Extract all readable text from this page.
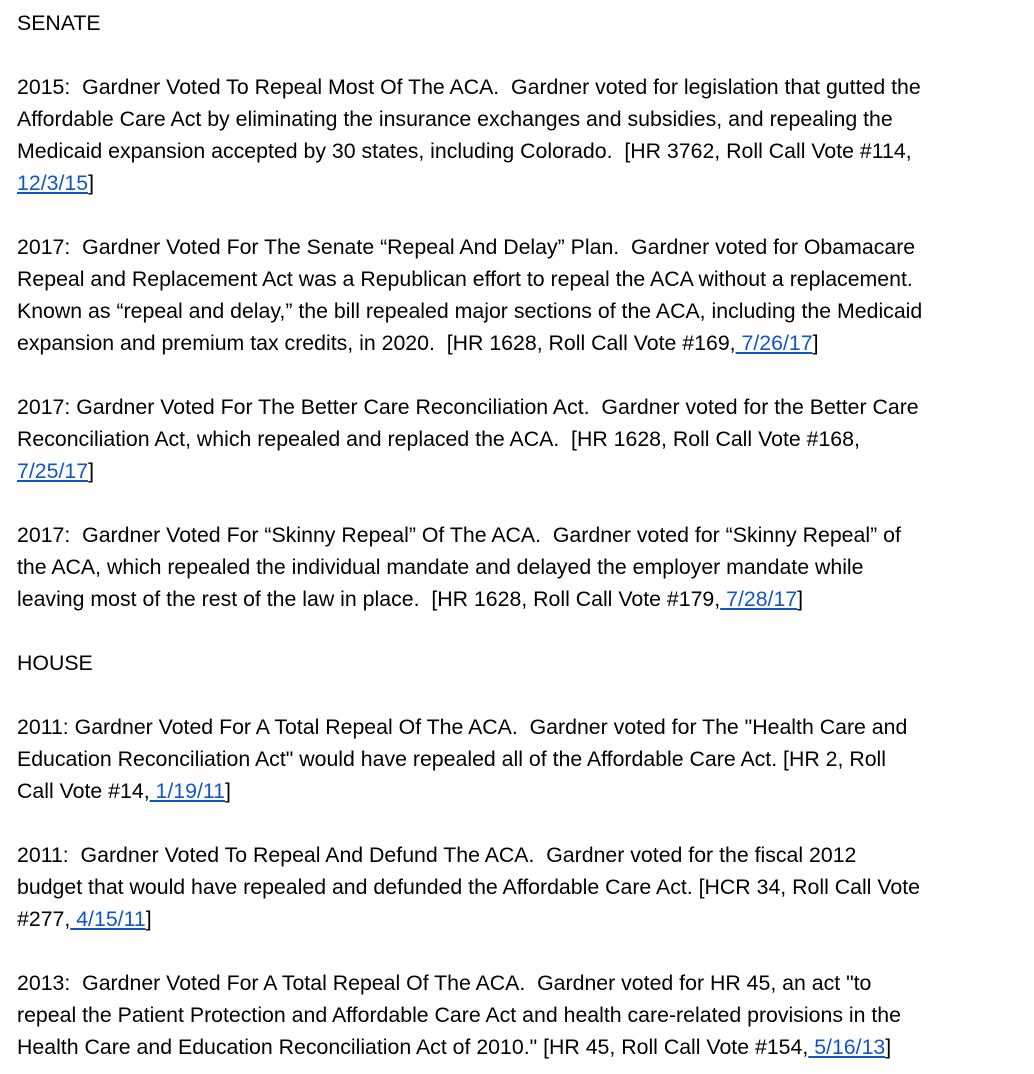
SENATE
2015:  Gardner Voted To Repeal Most Of The ACA.  Gardner voted for legislation that gutted the
Affordable Care Act by eliminating the insurance exchanges and subsidies, and repealing the
Medicaid expansion accepted by 30 states, including Colorado.  [HR 3762, Roll Call Vote #114,
12/3/15]
2017:  Gardner Voted For The Senate “Repeal And Delay” Plan.  Gardner voted for Obamacare
Repeal and Replacement Act was a Republican effort to repeal the ACA without a replacement.
Known as “repeal and delay,” the bill repealed major sections of the ACA, including the Medicaid
expansion and premium tax credits, in 2020.  [HR 1628, Roll Call Vote #169, 7/26/17]
2017: Gardner Voted For The Better Care Reconciliation Act.  Gardner voted for the Better Care
Reconciliation Act, which repealed and replaced the ACA.  [HR 1628, Roll Call Vote #168,
7/25/17]
2017:  Gardner Voted For “Skinny Repeal” Of The ACA.  Gardner voted for “Skinny Repeal” of
the ACA, which repealed the individual mandate and delayed the employer mandate while
leaving most of the rest of the law in place.  [HR 1628, Roll Call Vote #179, 7/28/17]
HOUSE
2011: Gardner Voted For A Total Repeal Of The ACA.  Gardner voted for The "Health Care and
Education Reconciliation Act" would have repealed all of the Affordable Care Act. [HR 2, Roll
Call Vote #14, 1/19/11]
2011:  Gardner Voted To Repeal And Defund The ACA.  Gardner voted for the fiscal 2012
budget that would have repealed and defunded the Affordable Care Act. [HCR 34, Roll Call Vote
#277, 4/15/11]
2013:  Gardner Voted For A Total Repeal Of The ACA.  Gardner voted for HR 45, an act "to
repeal the Patient Protection and Affordable Care Act and health care-related provisions in the
Health Care and Education Reconciliation Act of 2010." [HR 45, Roll Call Vote #154, 5/16/13]
